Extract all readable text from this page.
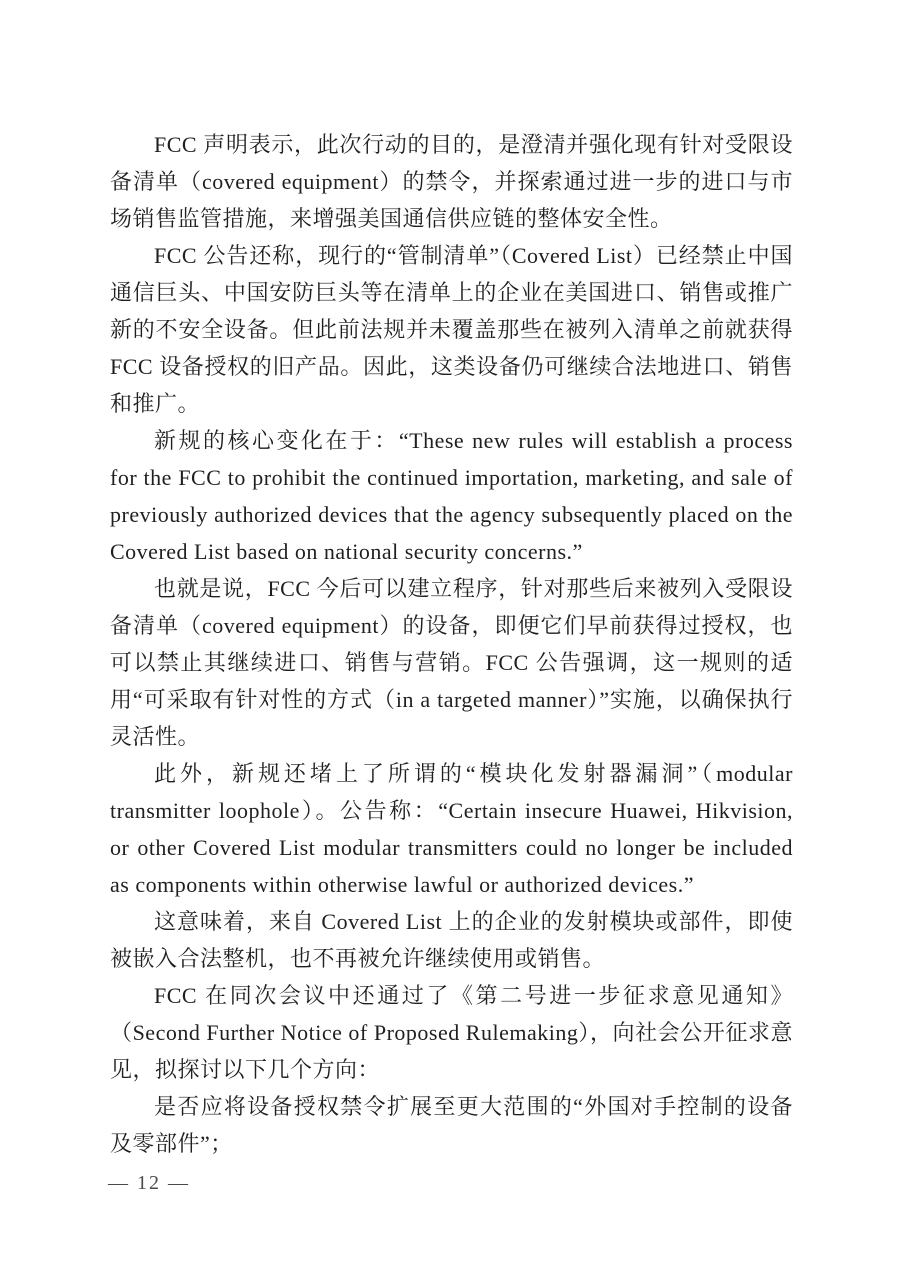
FCC 声明表示，此次行动的目的，是澄清并强化现有针对受限设备清单（covered equipment）的禁令，并探索通过进一步的进口与市场销售监管措施，来增强美国通信供应链的整体安全性。

FCC 公告还称，现行的“管制清单”（Covered List）已经禁止中国通信巨头、中国安防巨头等在清单上的企业在美国进口、销售或推广新的不安全设备。但此前法规并未覆盖那些在被列入清单之前就获得 FCC 设备授权的旧产品。因此，这类设备仍可继续合法地进口、销售和推广。

新规的核心变化在于：“These new rules will establish a process for the FCC to prohibit the continued importation, marketing, and sale of previously authorized devices that the agency subsequently placed on the Covered List based on national security concerns.”

也就是说，FCC 今后可以建立程序，针对那些后来被列入受限设备清单（covered equipment）的设备，即便它们早前获得过授权，也可以禁止其继续进口、销售与营销。FCC 公告强调，这一规则的适用“可采取有针对性的方式（in a targeted manner）”实施，以确保执行灵活性。

此外，新规还堵上了所谓的“模块化发射器漏洞”（modular transmitter loophole）。公告称：“Certain insecure Huawei, Hikvision, or other Covered List modular transmitters could no longer be included as components within otherwise lawful or authorized devices.”

这意味着，来自 Covered List 上的企业的发射模块或部件，即使被嵌入合法整机，也不再被允许继续使用或销售。

FCC 在同次会议中还通过了《第二号进一步征求意见通知》（Second Further Notice of Proposed Rulemaking），向社会公开征求意见，拟探讨以下几个方向：

是否应将设备授权禁令扩展至更大范围的“外国对手控制的设备及零部件”；

— 12 —
